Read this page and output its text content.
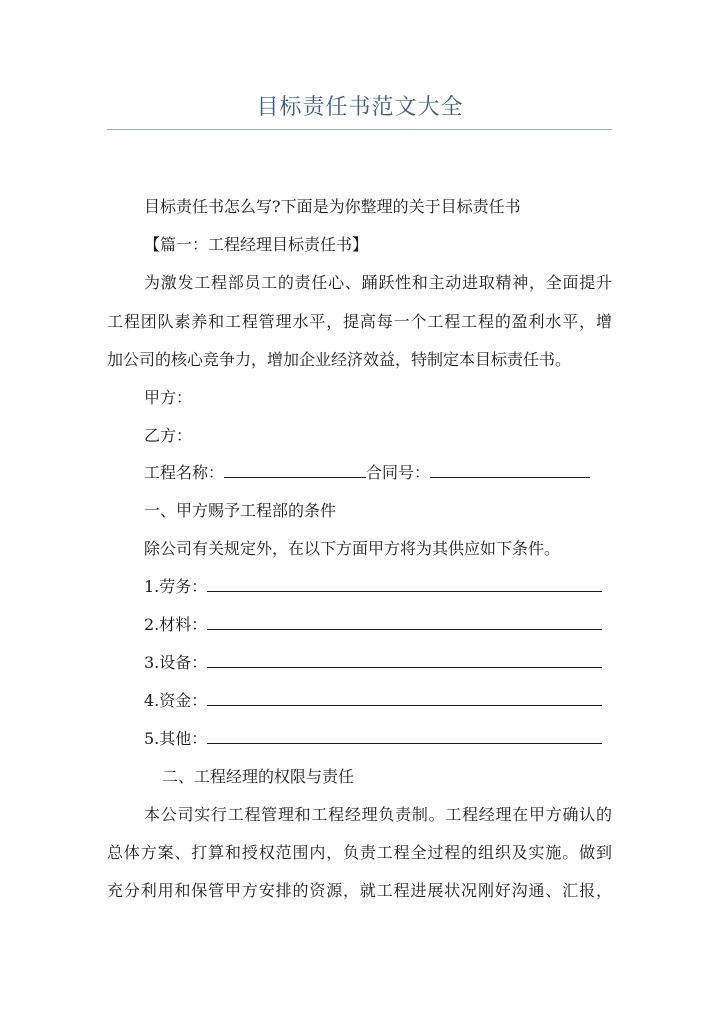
目标责任书范文大全
目标责任书怎么写?下面是为你整理的关于目标责任书
【篇一：工程经理目标责任书】
为激发工程部员工的责任心、踊跃性和主动进取精神，全面提升
工程团队素养和工程管理水平，提高每一个工程工程的盈利水平，增
加公司的核心竞争力，增加企业经济效益，特制定本目标责任书。
甲方：
乙方：
工程名称：	合同号：
一、甲方赐予工程部的条件
除公司有关规定外，在以下方面甲方将为其供应如下条件。
1.劳务：
2.材料：
3.设备：
4.资金：
5.其他：
二、工程经理的权限与责任
本公司实行工程管理和工程经理负责制。工程经理在甲方确认的
总体方案、打算和授权范围内，负责工程全过程的组织及实施。做到
充分利用和保管甲方安排的资源，就工程进展状况刚好沟通、汇报，
